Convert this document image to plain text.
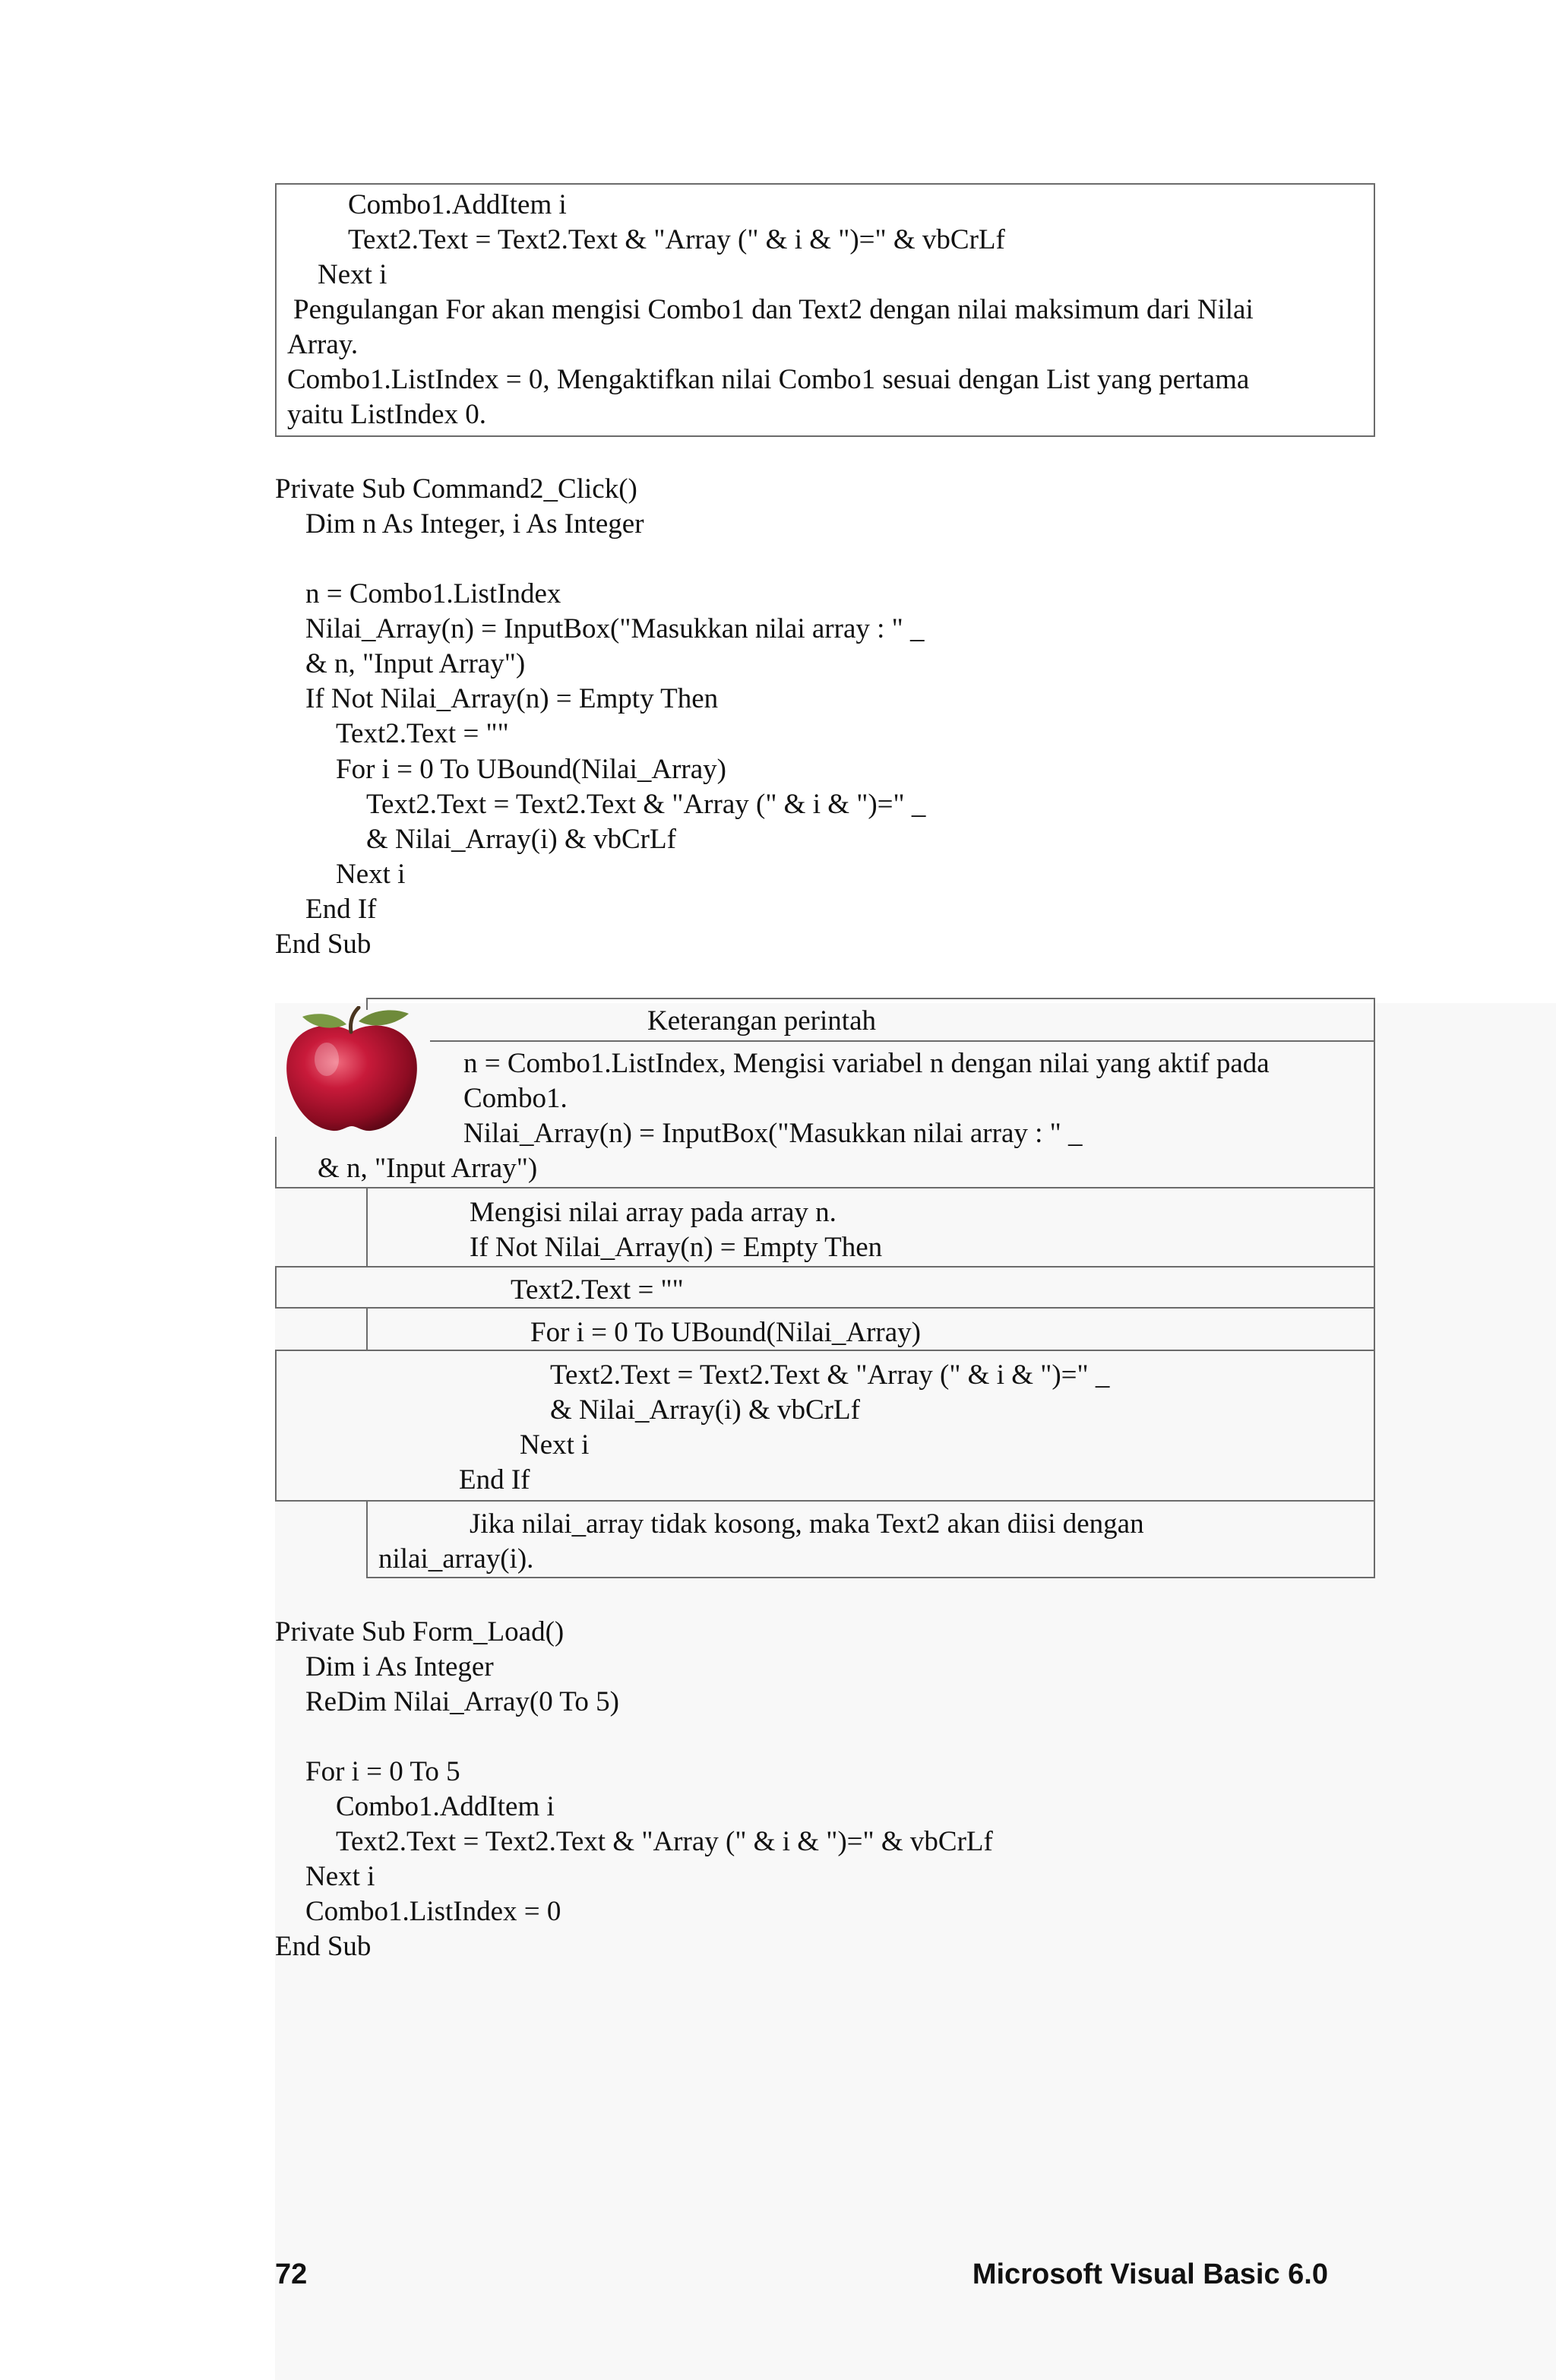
Combo1.AddItem i
Text2.Text = Text2.Text & "Array (" & i & ")=" & vbCrLf
Next i
Pengulangan For akan mengisi Combo1 dan Text2 dengan nilai maksimum dari Nilai
Array.
Combo1.ListIndex = 0, Mengaktifkan nilai Combo1 sesuai dengan List yang pertama
yaitu ListIndex 0.
Private Sub Command2_Click()
Dim n As Integer, i As Integer
n = Combo1.ListIndex
Nilai_Array(n) = InputBox("Masukkan nilai array : " _
& n, "Input Array")
If Not Nilai_Array(n) = Empty Then
Text2.Text = ""
For i = 0 To UBound(Nilai_Array)
Text2.Text = Text2.Text & "Array (" & i & ")=" _
& Nilai_Array(i) & vbCrLf
Next i
End If
End Sub
Keterangan perintah
n = Combo1.ListIndex, Mengisi variabel n dengan nilai yang aktif pada
Combo1.
Nilai_Array(n) = InputBox("Masukkan nilai array : " _
& n, "Input Array")
Mengisi nilai array pada array n.
If Not Nilai_Array(n) = Empty Then
Text2.Text = ""
For i = 0 To UBound(Nilai_Array)
Text2.Text = Text2.Text & "Array (" & i & ")=" _
& Nilai_Array(i) & vbCrLf
Next i
End If
Jika nilai_array tidak kosong, maka Text2 akan diisi dengan
nilai_array(i).
Private Sub Form_Load()
Dim i As Integer
ReDim Nilai_Array(0 To 5)
For i = 0 To 5
Combo1.AddItem i
Text2.Text = Text2.Text & "Array (" & i & ")=" & vbCrLf
Next i
Combo1.ListIndex = 0
End Sub
72	Microsoft Visual Basic 6.0
